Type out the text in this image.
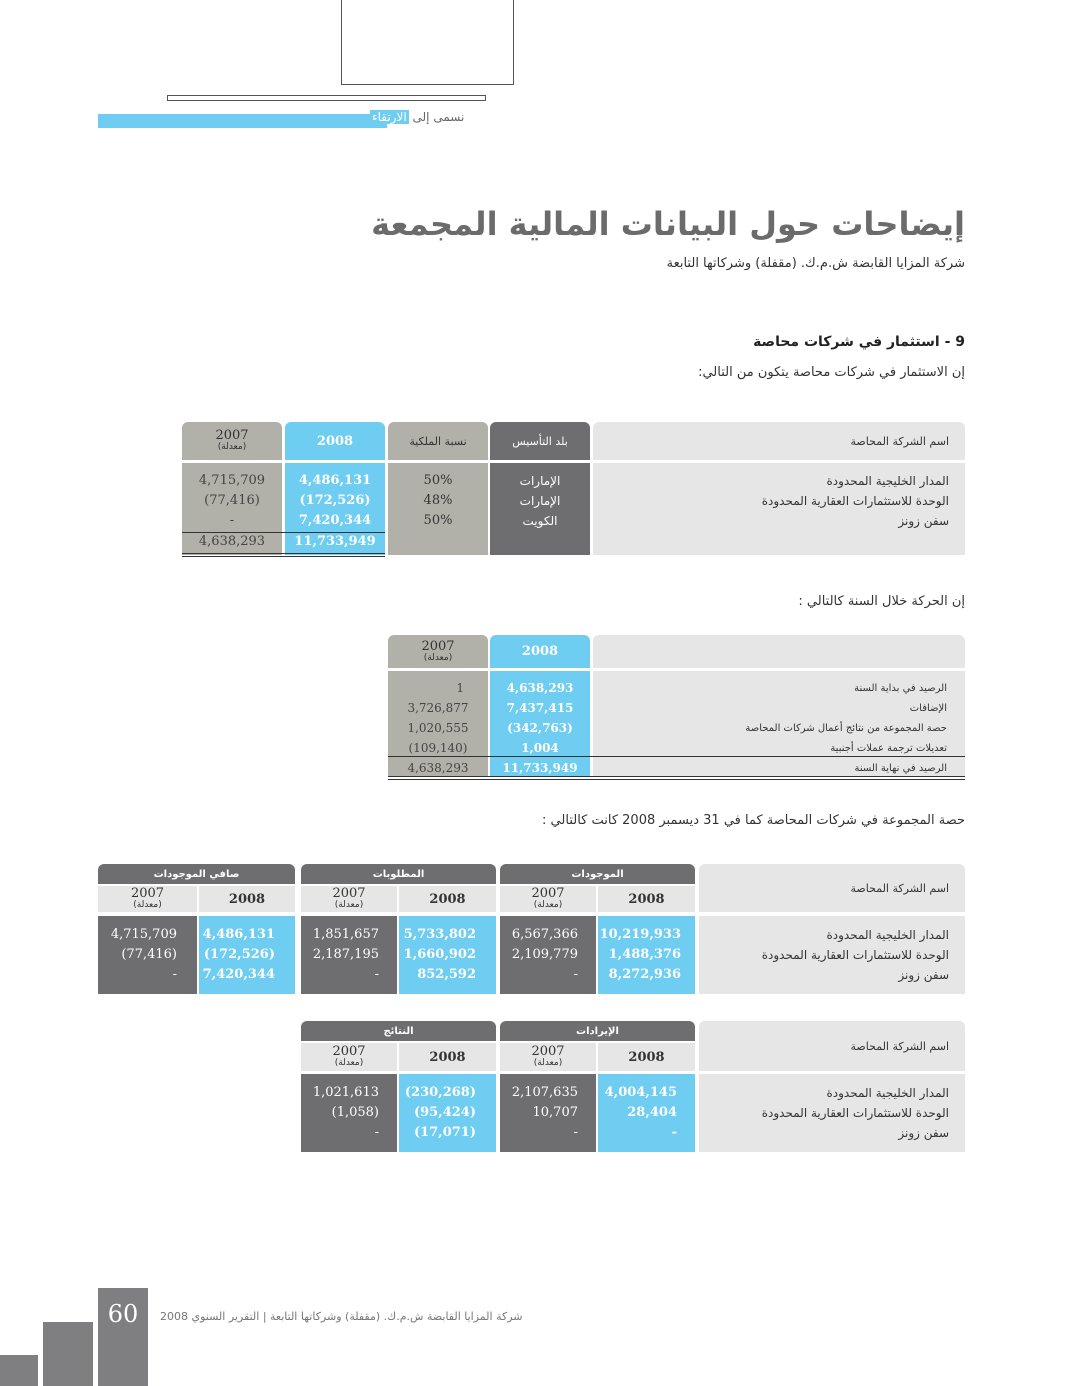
نسمى إلى الارتقاء
إيضاحات حول البيانات المالية المجمعة
شركة المزايا القابضة ش.م.ك. (مقفلة) وشركاتها التابعة
9 - استثمار في شركات محاصة
إن الاستثمار في شركات محاصة يتكون من التالي:
اسم الشركة المحاصة
بلد التأسيس
نسبة الملكية
2008
2007
(معدلة)
المدار الخليجية المحدودة
الوحدة للاستثمارات العقارية المحدودة
سفن زونز
الإمارات
الإمارات
الكويت
50%
48%
50%
4,486,131
(172,526)
7,420,344
11,733,949
4,715,709
(77,416)
-
4,638,293
إن الحركة خلال السنة كالتالي :
2008
2007
(معدلة)
الرصيد في بداية السنة
الإضافات
حصة المجموعة من نتائج أعمال شركات المحاصة
تعديلات ترجمة عملات أجنبية
الرصيد في نهاية السنة
4,638,293
7,437,415
(342,763)
1,004
11,733,949
1
3,726,877
1,020,555
(109,140)
4,638,293
حصة المجموعة في شركات المحاصة كما في 31 ديسمبر 2008 كانت كالتالي :
اسم الشركة المحاصة
الموجودات
المطلوبات
صافي الموجودات
2008
2007
(معدلة)
2008
2007
(معدلة)
2008
2007
(معدلة)
المدار الخليجية المحدودة
الوحدة للاستثمارات العقارية المحدودة
سفن زونز
10,219,933
1,488,376
8,272,936
6,567,366
2,109,779
-
5,733,802
1,660,902
852,592
1,851,657
2,187,195
-
4,486,131
(172,526)
7,420,344
4,715,709
(77,416)
-
اسم الشركة المحاصة
الإيرادات
النتائج
2008
2007
(معدلة)
2008
2007
(معدلة)
المدار الخليجية المحدودة
الوحدة للاستثمارات العقارية المحدودة
سفن زونز
4,004,145
28,404
-
2,107,635
10,707
-
(230,268)
(95,424)
(17,071)
1,021,613
(1,058)
-
60	شركة المزايا القابضة ش.م.ك. (مقفلة) وشركاتها التابعة | التقرير السنوي 2008
